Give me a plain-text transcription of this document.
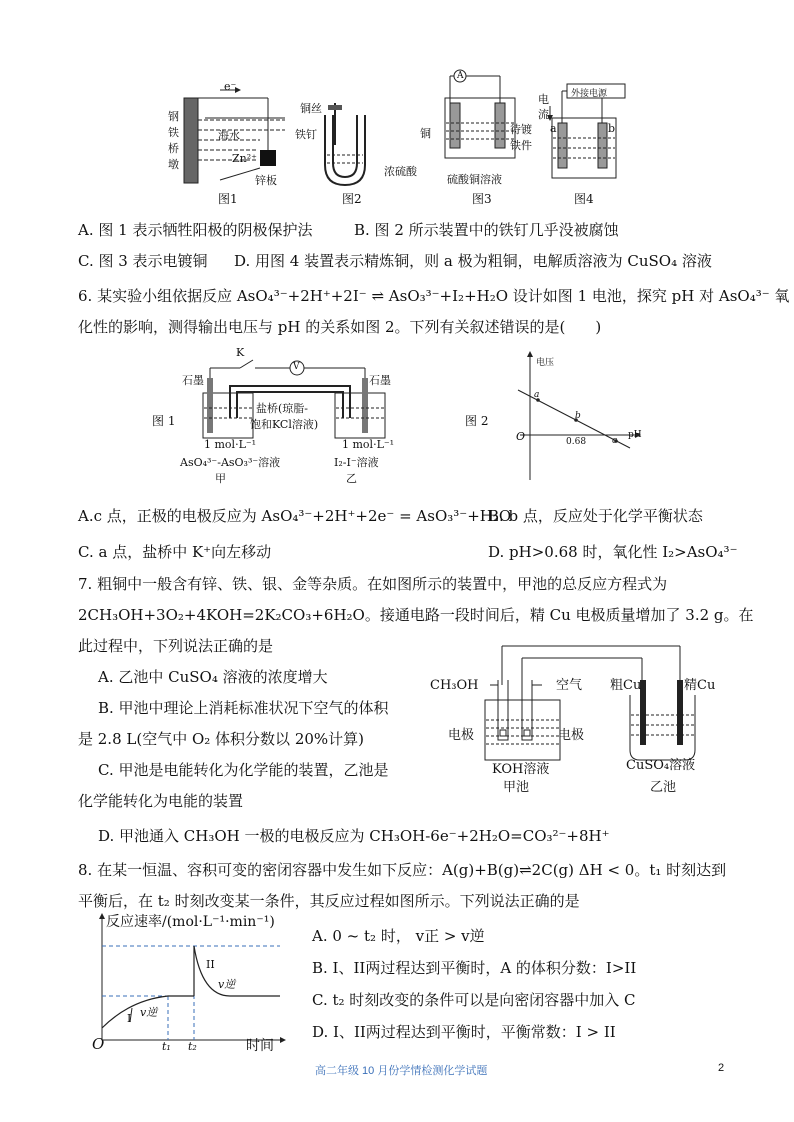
e⁻
钢
铁
桥
墩
海水
Zn²⁺
锌板
图1
铜丝
铁钉
浓硫酸
图2
A
铜	待镀
铁件
硫酸铜溶液
图3
外接电源
电
流
a	b
图4
A. 图 1 表示牺牲阳极的阴极保护法	B. 图 2 所示装置中的铁钉几乎没被腐蚀
C. 图 3 表示电镀铜 D. 用图 4 装置表示精炼铜，则 a 极为粗铜，电解质溶液为 CuSO₄ 溶液
6. 某实验小组依据反应 AsO₄³⁻+2H⁺+2I⁻ ⇌ AsO₃³⁻+I₂+H₂O 设计如图 1 电池，探究 pH 对 AsO₄³⁻ 氧
化性的影响，测得输出电压与 pH 的关系如图 2。下列有关叙述错误的是(　　)
K
V
石墨	石墨
盐桥(琼脂-
饱和KCl溶液)
图 1
1 mol·L⁻¹
AsO₄³⁻-AsO₃³⁻溶液
甲
1 mol·L⁻¹
I₂-I⁻溶液
乙
图 2
电压
pH
O
a
b
c
0.68
A.c 点，正极的电极反应为 AsO₄³⁻+2H⁺+2e⁻ = AsO₃³⁻+H₂O
B. b 点，反应处于化学平衡状态
C. a 点，盐桥中 K⁺向左移动	D. pH>0.68 时，氧化性 I₂>AsO₄³⁻
7. 粗铜中一般含有锌、铁、银、金等杂质。在如图所示的装置中，甲池的总反应方程式为
2CH₃OH+3O₂+4KOH=2K₂CO₃+6H₂O。接通电路一段时间后，精 Cu 电极质量增加了 3.2 g。在
此过程中，下列说法正确的是
A. 乙池中 CuSO₄ 溶液的浓度增大
B. 甲池中理论上消耗标准状况下空气的体积
是 2.8 L(空气中 O₂ 体积分数以 20%计算)
C. 甲池是电能转化为化学能的装置，乙池是
化学能转化为电能的装置
D. 甲池通入 CH₃OH 一极的电极反应为 CH₃OH-6e⁻+2H₂O=CO₃²⁻+8H⁺
CH₃OH	空气 粗Cu	精Cu
电极	电极
KOH溶液
甲池
CuSO₄溶液
乙池
8. 在某一恒温、容积可变的密闭容器中发生如下反应：A(g)+B(g)⇌2C(g) ΔH < 0。t₁ 时刻达到
平衡后，在 t₂ 时刻改变某一条件，其反应过程如图所示。下列说法正确的是
反应速率/(mol·L⁻¹·min⁻¹)
时间
O	t₁ t₂
I
II
v逆
v逆
A. 0 ~ t₂ 时， v正 > v逆
B. I、II两过程达到平衡时，A 的体积分数：I>II
C. t₂ 时刻改变的条件可以是向密闭容器中加入 C
D. I、II两过程达到平衡时，平衡常数：I > II
高二年级 10 月份学情检测化学试题	2
